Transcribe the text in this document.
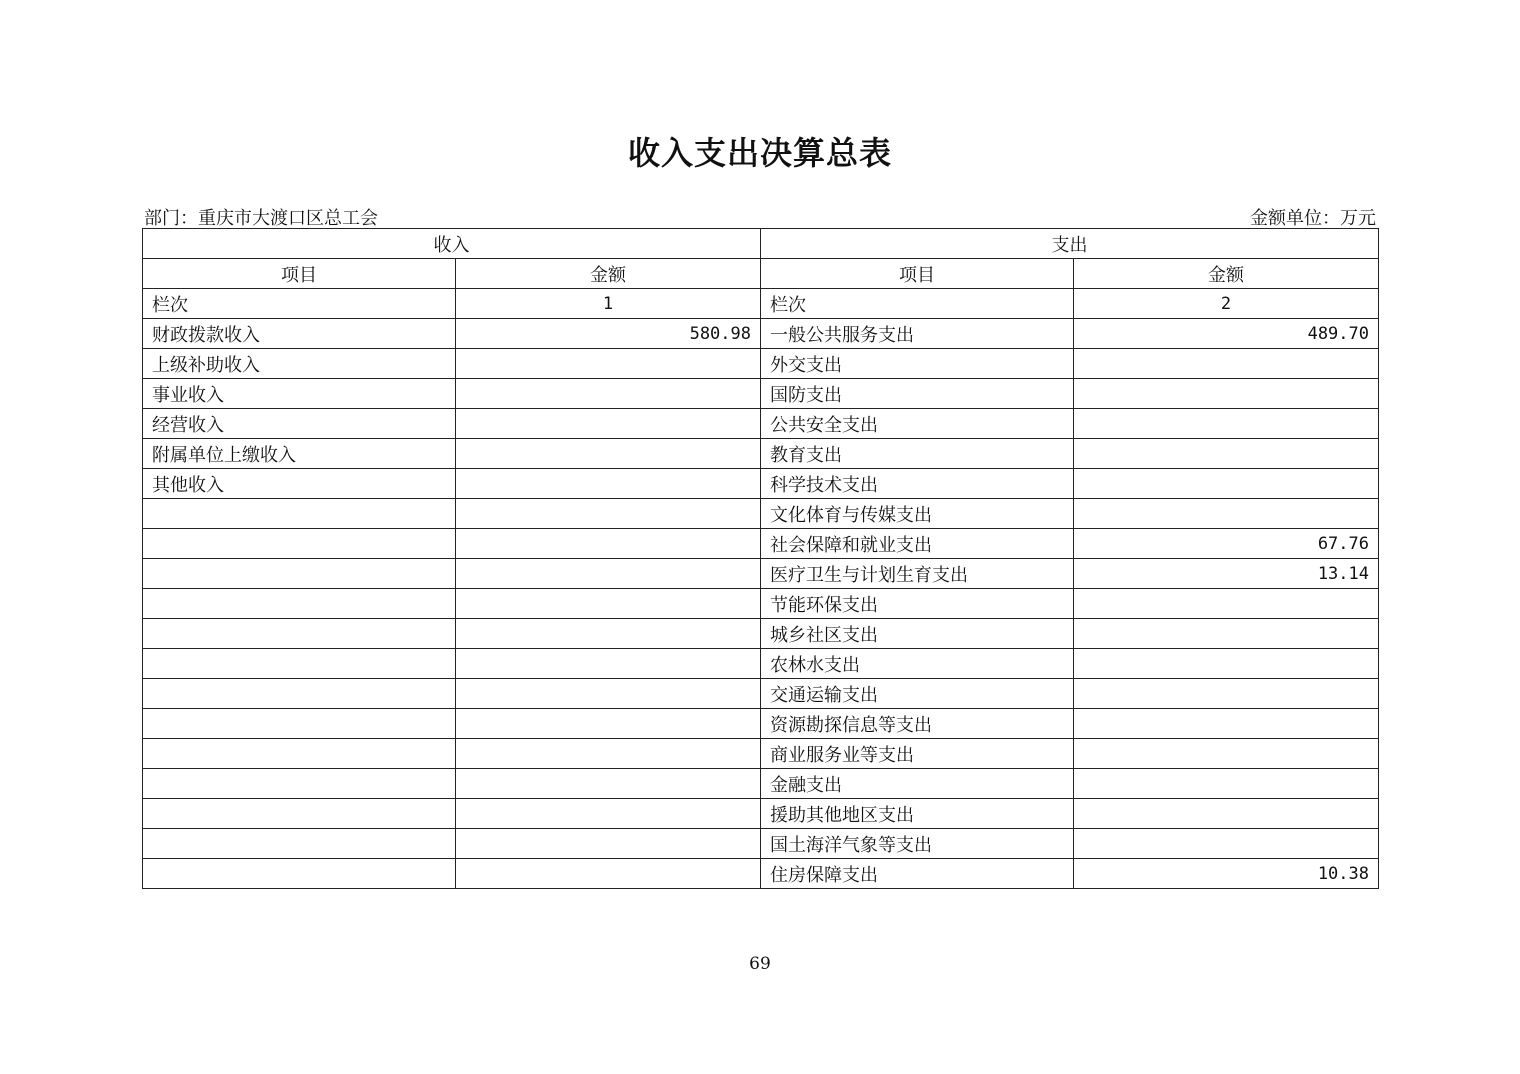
收入支出决算总表
部门：重庆市大渡口区总工会	金额单位：万元
收入		支出	
项目	金额	项目	金额
栏次	1	栏次	2
财政拨款收入	580.98	一般公共服务支出	489.70
上级补助收入		外交支出	
事业收入		国防支出	
经营收入		公共安全支出	
附属单位上缴收入		教育支出	
其他收入		科学技术支出	
		文化体育与传媒支出	
		社会保障和就业支出	67.76
		医疗卫生与计划生育支出	13.14
		节能环保支出	
		城乡社区支出	
		农林水支出	
		交通运输支出	
		资源勘探信息等支出	
		商业服务业等支出	
		金融支出	
		援助其他地区支出	
		国土海洋气象等支出	
		住房保障支出	10.38
69
